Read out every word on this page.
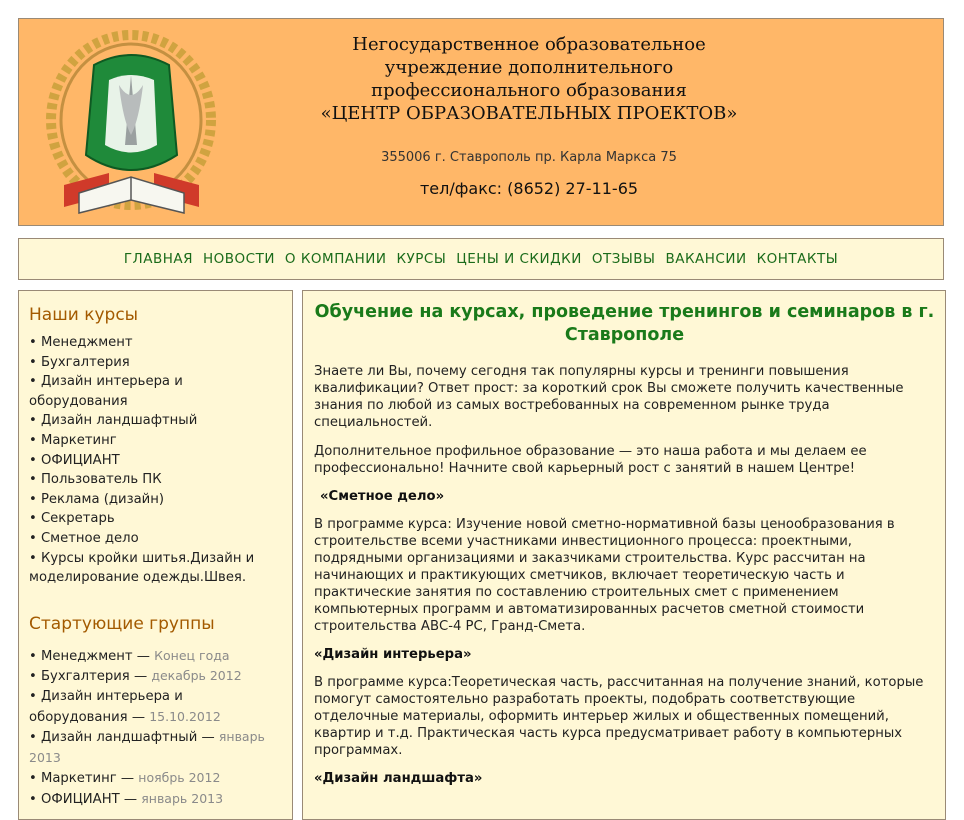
Негосударственное образовательное
учреждение дополнительного
профессионального образования
«ЦЕНТР ОБРАЗОВАТЕЛЬНЫХ ПРОЕКТОВ»
355006 г. Ставрополь пр. Карла Маркса 75
тел/факс: (8652) 27-11-65
ГЛАВНАЯ НОВОСТИ О КОМПАНИИ КУРСЫ ЦЕНЫ И СКИДКИ ОТЗЫВЫ ВАКАНСИИ КОНТАКТЫ
Наши курсы
• Менеджмент
• Бухгалтерия
• Дизайн интерьера и оборудования
• Дизайн ландшафтный
• Маркетинг
• ОФИЦИАНТ
• Пользователь ПК
• Реклама (дизайн)
• Секретарь
• Сметное дело
• Курсы кройки шитья.Дизайн и моделирование одежды.Швея.
Стартующие группы
• Менеджмент — Конец года
• Бухгалтерия — декабрь 2012
• Дизайн интерьера и оборудования — 15.10.2012
• Дизайн ландшафтный — январь 2013
• Маркетинг — ноябрь 2012
• ОФИЦИАНТ — январь 2013
Обучение на курсах, проведение тренингов и семинаров в г. Ставрополе

Знаете ли Вы, почему сегодня так популярны курсы и тренинги повышения квалификации? Ответ прост: за короткий срок Вы сможете получить качественные знания по любой из самых востребованных на современном рынке труда специальностей.

Дополнительное профильное образование — это наша работа и мы делаем ее профессионально! Начните свой карьерный рост с занятий в нашем Центре!

«Сметное дело»

В программе курса: Изучение новой сметно-нормативной базы ценообразования в строительстве всеми участниками инвестиционного процесса: проектными, подрядными организациями и заказчиками строительства. Курс рассчитан на начинающих и практикующих сметчиков, включает теоретическую часть и практические занятия по составлению строительных смет с применением компьютерных программ и автоматизированных расчетов сметной стоимости строительства АВС-4 РС, Гранд-Смета.

«Дизайн интерьера»

В программе курса:Теоретическая часть, рассчитанная на получение знаний, которые помогут самостоятельно разработать проекты, подобрать соответствующие отделочные материалы, оформить интерьер жилых и общественных помещений, квартир и т.д. Практическая часть курса предусматривает работу в компьютерных программах.

«Дизайн ландшафта»
